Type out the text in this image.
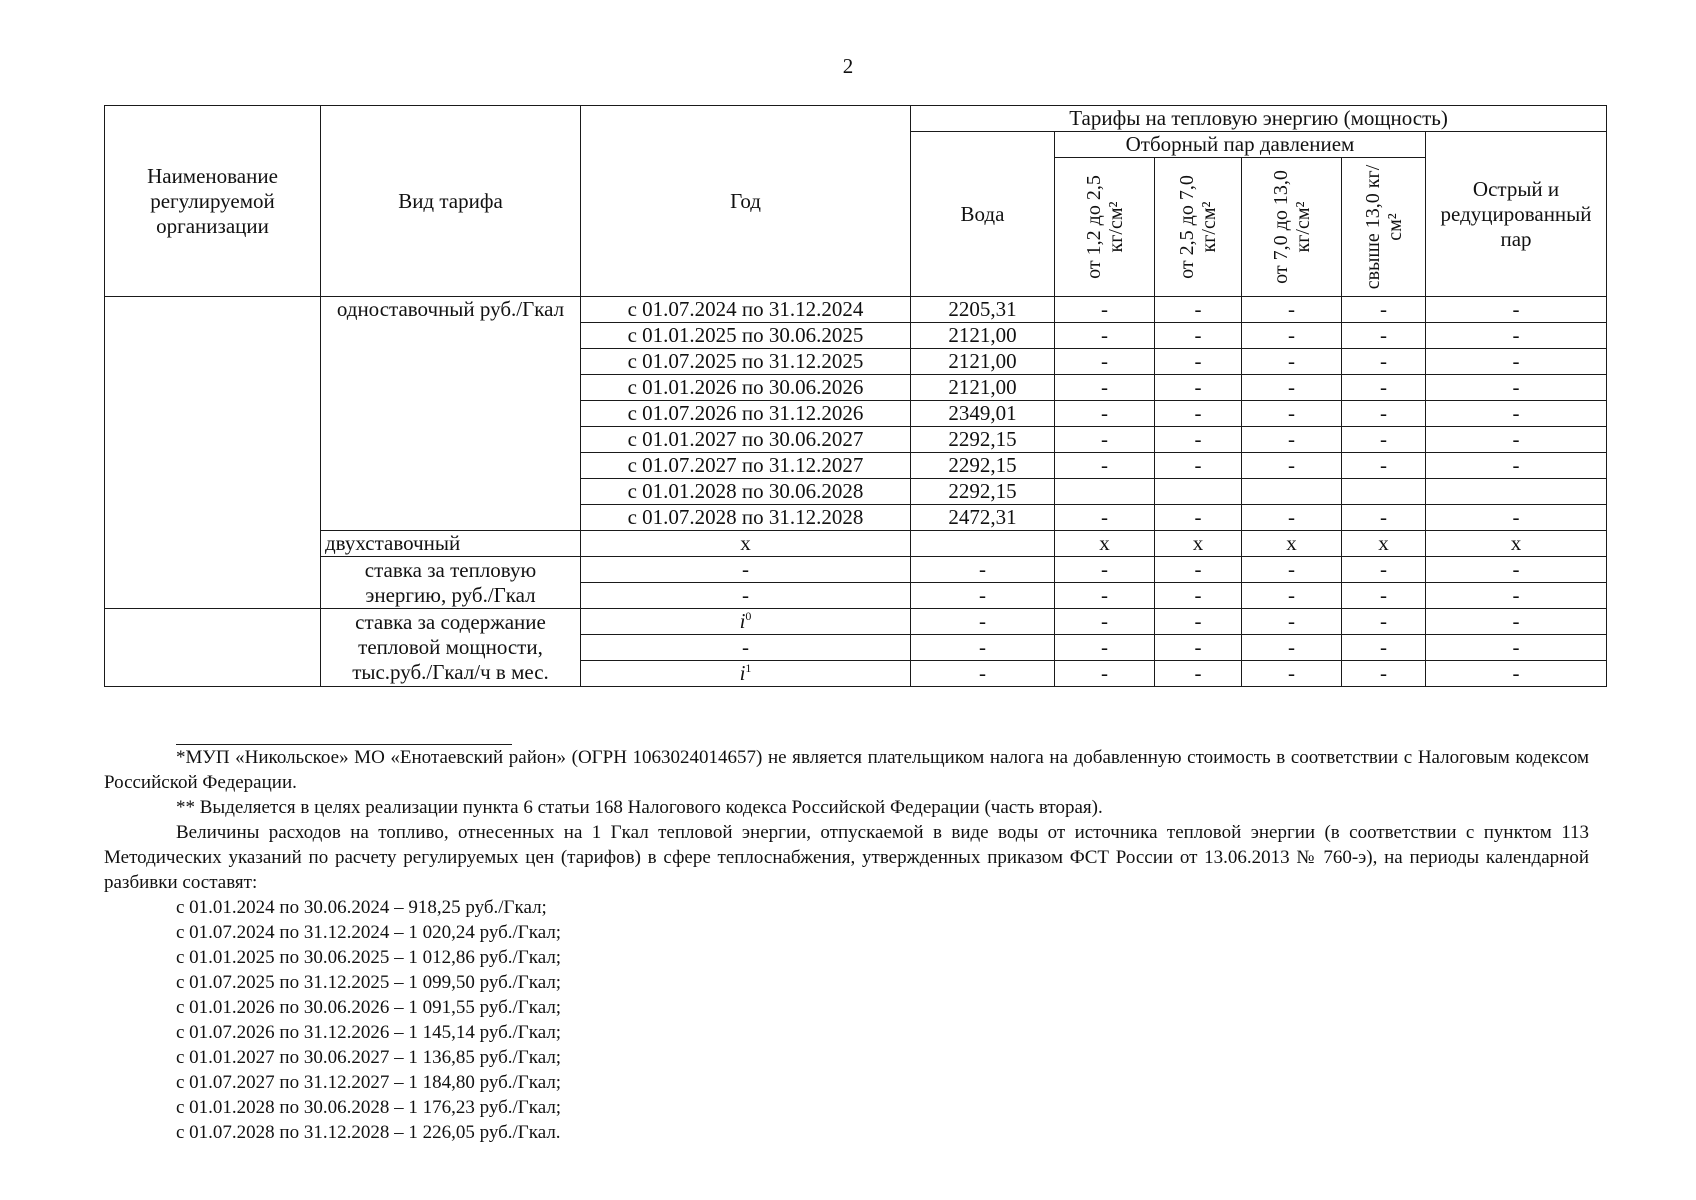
2
Наименование регулируемой организации	Вид тарифа	Год	Тарифы на тепловую энергию (мощность)					
			Вода	Отборный пар давлением				Острый и редуцированный пар

				от 1,2 до 2,5 кг/см²	от 2,5 до 7,0 кг/см²	от 7,0 до 13,0 кг/см²	свыше 13,0 кг/см²	

	одноставочный руб./Гкал	с 01.07.2024 по 31.12.2024	2205,31	-	-	-	-	-
		с 01.01.2025 по 30.06.2025	2121,00	-	-	-	-	-
		с 01.07.2025 по 31.12.2025	2121,00	-	-	-	-	-
		с 01.01.2026 по 30.06.2026	2121,00	-	-	-	-	-
		с 01.07.2026 по 31.12.2026	2349,01	-	-	-	-	-
		с 01.01.2027 по 30.06.2027	2292,15	-	-	-	-	-
		с 01.07.2027 по 31.12.2027	2292,15	-	-	-	-	-
		с 01.01.2028 по 30.06.2028	2292,15					
		с 01.07.2028 по 31.12.2028	2472,31	-	-	-	-	-
	двухставочный	x		x	x	x	x	x
	ставка за тепловую энергию, руб./Гкал	-	-	-	-	-	-	-
		-	-	-	-	-	-	-
	ставка за содержание тепловой мощности, тыс.руб./Гкал/ч в мес.	$i^0$	-	-	-	-	-	-
		-	-	-	-	-	-	-
		$i^1$	-	-	-	-	-	-

*МУП «Никольское» МО «Енотаевский район» (ОГРН 1063024014657) не является плательщиком налога на добавленную стоимость в соответствии с Налоговым кодексом Российской Федерации.

** Выделяется в целях реализации пункта 6 статьи 168 Налогового кодекса Российской Федерации (часть вторая).

Величины расходов на топливо, отнесенных на 1 Гкал тепловой энергии, отпускаемой в виде воды от источника тепловой энергии (в соответствии с пунктом 113 Методических указаний по расчету регулируемых цен (тарифов) в сфере теплоснабжения, утвержденных приказом ФСТ России от 13.06.2013 № 760-э), на периоды календарной разбивки составят:

с 01.01.2024 по 30.06.2024 – 918,25 руб./Гкал;
с 01.07.2024 по 31.12.2024 – 1 020,24 руб./Гкал;
с 01.01.2025 по 30.06.2025 – 1 012,86 руб./Гкал;
с 01.07.2025 по 31.12.2025 – 1 099,50 руб./Гкал;
с 01.01.2026 по 30.06.2026 – 1 091,55 руб./Гкал;
с 01.07.2026 по 31.12.2026 – 1 145,14 руб./Гкал;
с 01.01.2027 по 30.06.2027 – 1 136,85 руб./Гкал;
с 01.07.2027 по 31.12.2027 – 1 184,80 руб./Гкал;
с 01.01.2028 по 30.06.2028 – 1 176,23 руб./Гкал;
с 01.07.2028 по 31.12.2028 – 1 226,05 руб./Гкал.
